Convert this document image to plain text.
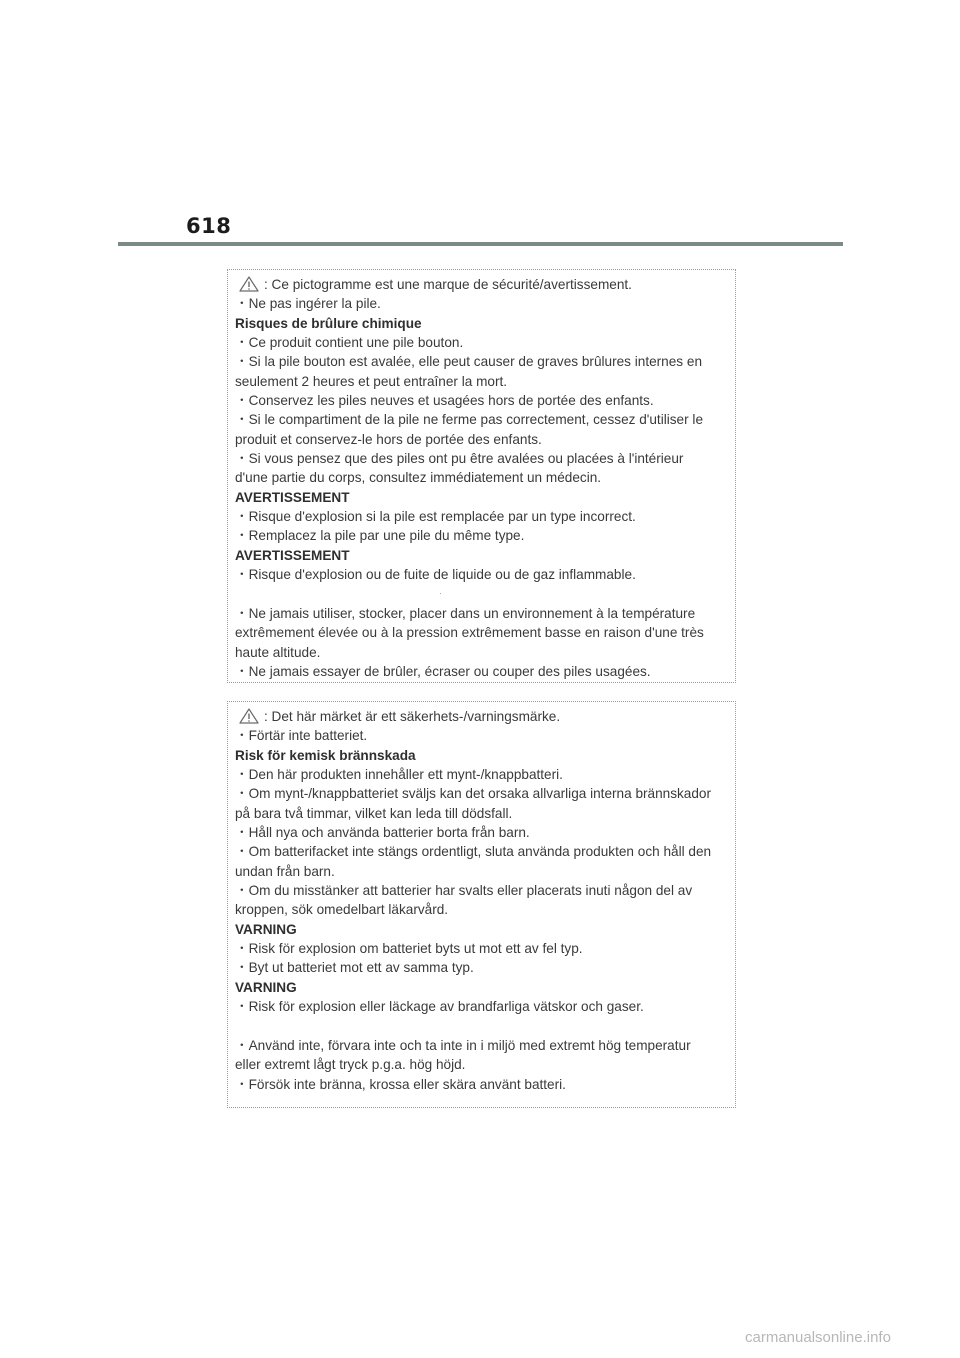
618
: Ce pictogramme est une marque de sécurité/avertissement.
・Ne pas ingérer la pile.
Risques de brûlure chimique
・Ce produit contient une pile bouton.
・Si la pile bouton est avalée, elle peut causer de graves brûlures internes en
seulement 2 heures et peut entraîner la mort.
・Conservez les piles neuves et usagées hors de portée des enfants.
・Si le compartiment de la pile ne ferme pas correctement, cessez d'utiliser le
produit et conservez-le hors de portée des enfants.
・Si vous pensez que des piles ont pu être avalées ou placées à l'intérieur
d'une partie du corps, consultez immédiatement un médecin.
AVERTISSEMENT
・Risque d'explosion si la pile est remplacée par un type incorrect.
・Remplacez la pile par une pile du même type.
AVERTISSEMENT
・Risque d'explosion ou de fuite de liquide ou de gaz inflammable.
・Ne jamais utiliser, stocker, placer dans un environnement à la température
extrêmement élevée ou à la pression extrêmement basse en raison d'une très
haute altitude.
・Ne jamais essayer de brûler, écraser ou couper des piles usagées.
: Det här märket är ett säkerhets-/varningsmärke.
・Förtär inte batteriet.
Risk för kemisk brännskada
・Den här produkten innehåller ett mynt-/knappbatteri.
・Om mynt-/knappbatteriet sväljs kan det orsaka allvarliga interna brännskador
på bara två timmar, vilket kan leda till dödsfall.
・Håll nya och använda batterier borta från barn.
・Om batterifacket inte stängs ordentligt, sluta använda produkten och håll den
undan från barn.
・Om du misstänker att batterier har svalts eller placerats inuti någon del av
kroppen, sök omedelbart läkarvård.
VARNING
・Risk för explosion om batteriet byts ut mot ett av fel typ.
・Byt ut batteriet mot ett av samma typ.
VARNING
・Risk för explosion eller läckage av brandfarliga vätskor och gaser.
・Använd inte, förvara inte och ta inte in i miljö med extremt hög temperatur
eller extremt lågt tryck p.g.a. hög höjd.
・Försök inte bränna, krossa eller skära använt batteri.
carmanualsonline.info
